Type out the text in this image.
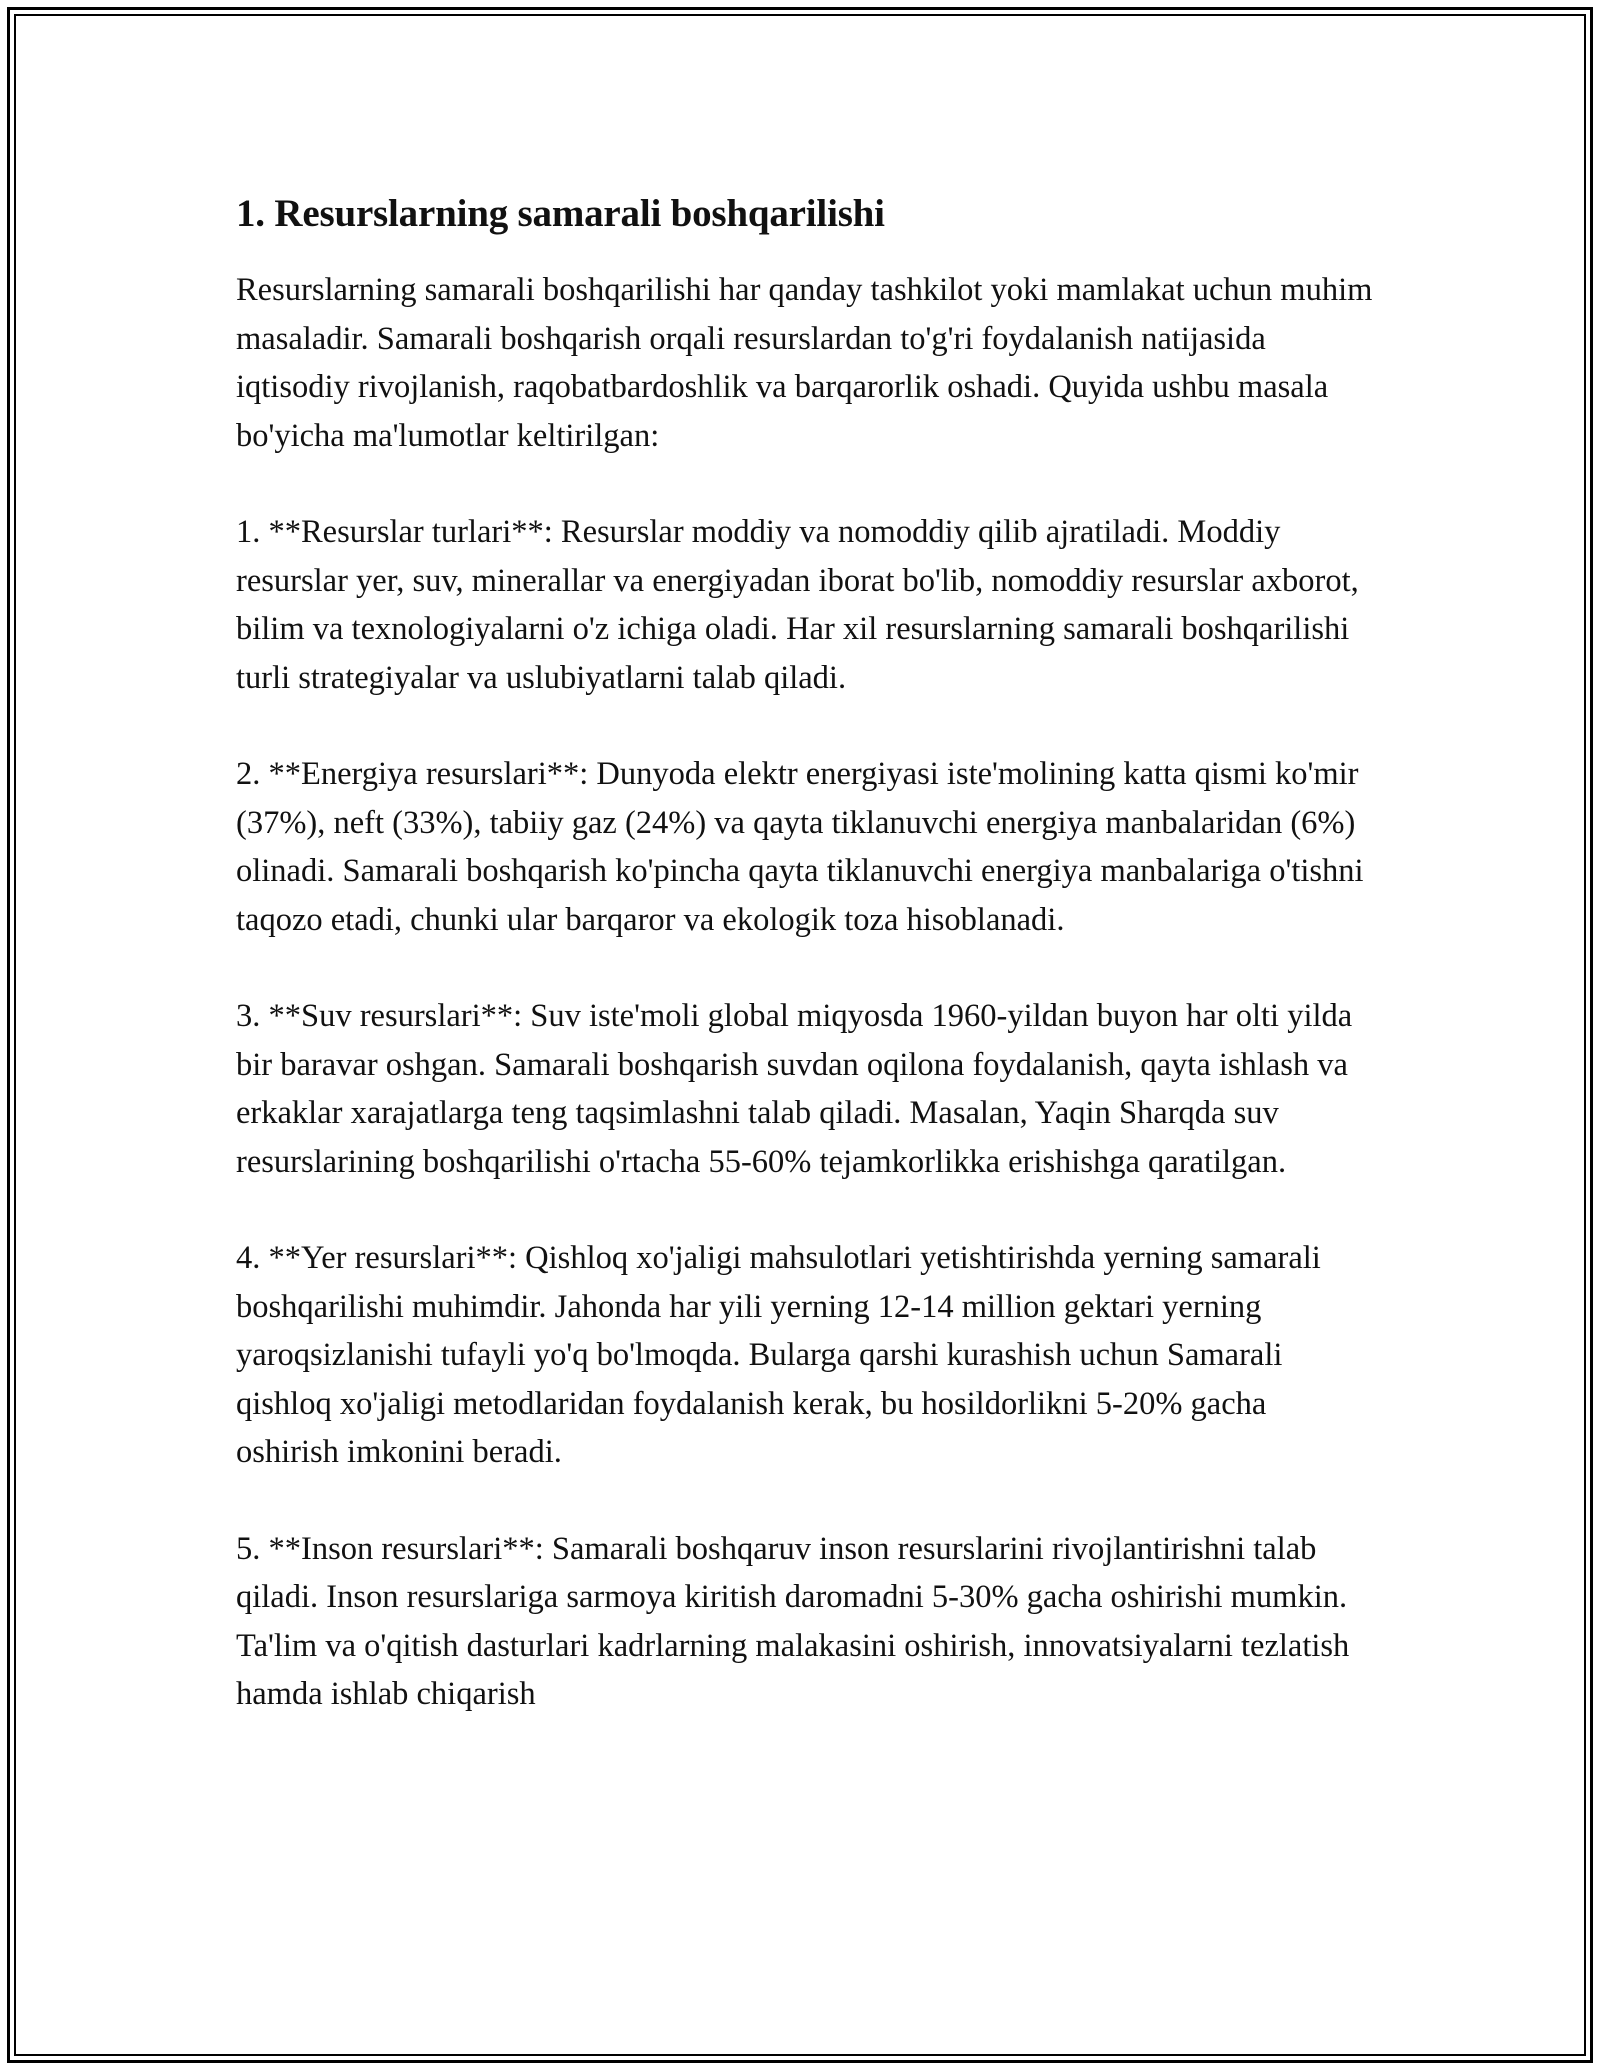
1. Resurslarning samarali boshqarilishi

Resurslarning samarali boshqarilishi har qanday tashkilot yoki mamlakat uchun muhim masaladir. Samarali boshqarish orqali resurslardan to'g'ri foydalanish natijasida iqtisodiy rivojlanish, raqobatbardoshlik va barqarorlik oshadi. Quyida ushbu masala bo'yicha ma'lumotlar keltirilgan:

1. **Resurslar turlari**: Resurslar moddiy va nomoddiy qilib ajratiladi. Moddiy resurslar yer, suv, minerallar va energiyadan iborat bo'lib, nomoddiy resurslar axborot, bilim va texnologiyalarni o'z ichiga oladi. Har xil resurslarning samarali boshqarilishi turli strategiyalar va uslubiyatlarni talab qiladi.

2. **Energiya resurslari**: Dunyoda elektr energiyasi iste'molining katta qismi ko'mir (37%), neft (33%), tabiiy gaz (24%) va qayta tiklanuvchi energiya manbalaridan (6%) olinadi. Samarali boshqarish ko'pincha qayta tiklanuvchi energiya manbalariga o'tishni taqozo etadi, chunki ular barqaror va ekologik toza hisoblanadi.

3. **Suv resurslari**: Suv iste'moli global miqyosda 1960-yildan buyon har olti yilda bir baravar oshgan. Samarali boshqarish suvdan oqilona foydalanish, qayta ishlash va erkaklar xarajatlarga teng taqsimlashni talab qiladi. Masalan, Yaqin Sharqda suv resurslarining boshqarilishi o'rtacha 55-60% tejamkorlikka erishishga qaratilgan.

4. **Yer resurslari**: Qishloq xo'jaligi mahsulotlari yetishtirishda yerning samarali boshqarilishi muhimdir. Jahonda har yili yerning 12-14 million gektari yerning yaroqsizlanishi tufayli yo'q bo'lmoqda. Bularga qarshi kurashish uchun Samarali qishloq xo'jaligi metodlaridan foydalanish kerak, bu hosildorlikni 5-20% gacha oshirish imkonini beradi.

5. **Inson resurslari**: Samarali boshqaruv inson resurslarini rivojlantirishni talab qiladi. Inson resurslariga sarmoya kiritish daromadni 5-30% gacha oshirishi mumkin. Ta'lim va o'qitish dasturlari kadrlarning malakasini oshirish, innovatsiyalarni tezlatish hamda ishlab chiqarish
